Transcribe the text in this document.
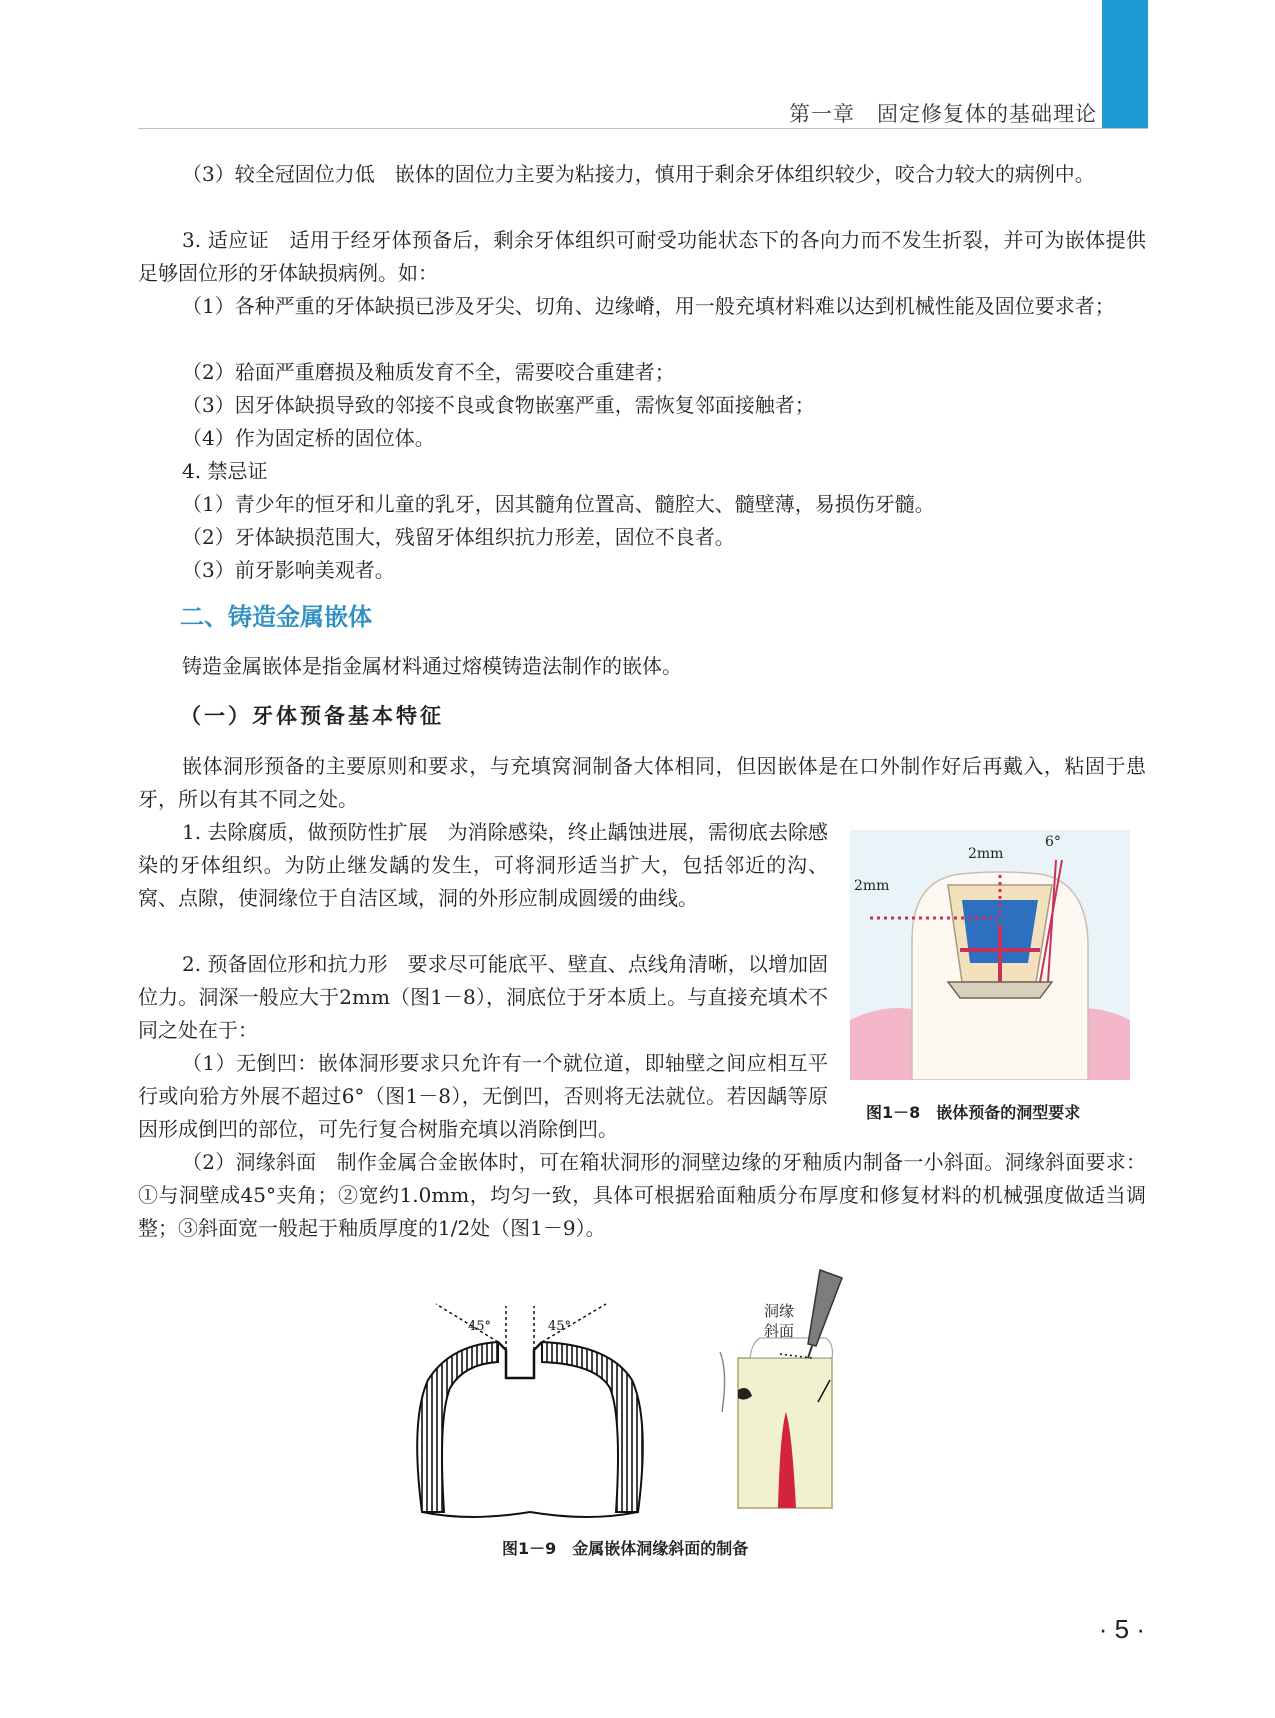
第一章 固定修复体的基础理论

（3）较全冠固位力低　嵌体的固位力主要为粘接力，慎用于剩余牙体组织较少，咬合力较大的病例中。

3. 适应证　适用于经牙体预备后，剩余牙体组织可耐受功能状态下的各向力而不发生折裂，并可为嵌体提供足够固位形的牙体缺损病例。如：

（1）各种严重的牙体缺损已涉及牙尖、切角、边缘嵴，用一般充填材料难以达到机械性能及固位要求者；

（2）𬌗面严重磨损及釉质发育不全，需要咬合重建者；

（3）因牙体缺损导致的邻接不良或食物嵌塞严重，需恢复邻面接触者；

（4）作为固定桥的固位体。

4. 禁忌证

（1）青少年的恒牙和儿童的乳牙，因其髓角位置高、髓腔大、髓壁薄，易损伤牙髓。

（2）牙体缺损范围大，残留牙体组织抗力形差，固位不良者。

（3）前牙影响美观者。

二、铸造金属嵌体

铸造金属嵌体是指金属材料通过熔模铸造法制作的嵌体。

（一）牙体预备基本特征

嵌体洞形预备的主要原则和要求，与充填窝洞制备大体相同，但因嵌体是在口外制作好后再戴入，粘固于患牙，所以有其不同之处。

1. 去除腐质，做预防性扩展　为消除感染，终止龋蚀进展，需彻底去除感染的牙体组织。为防止继发龋的发生，可将洞形适当扩大，包括邻近的沟、窝、点隙，使洞缘位于自洁区域，洞的外形应制成圆缓的曲线。

2. 预备固位形和抗力形　要求尽可能底平、壁直、点线角清晰，以增加固位力。洞深一般应大于2mm（图1－8），洞底位于牙本质上。与直接充填术不同之处在于：

（1）无倒凹：嵌体洞形要求只允许有一个就位道，即轴壁之间应相互平行或向𬌗方外展不超过6°（图1－8），无倒凹，否则将无法就位。若因龋等原因形成倒凹的部位，可先行复合树脂充填以消除倒凹。

（2）洞缘斜面　制作金属合金嵌体时，可在箱状洞形的洞壁边缘的牙釉质内制备一小斜面。洞缘斜面要求：①与洞壁成45°夹角；②宽约1.0mm，均匀一致，具体可根据𬌗面釉质分布厚度和修复材料的机械强度做适当调整；③斜面宽一般起于釉质厚度的1/2处（图1－9）。

2mm
6°
2mm

图1－8　嵌体预备的洞型要求

45°	45°
洞缘
斜面

图1－9　金属嵌体洞缘斜面的制备

· 5 ·
